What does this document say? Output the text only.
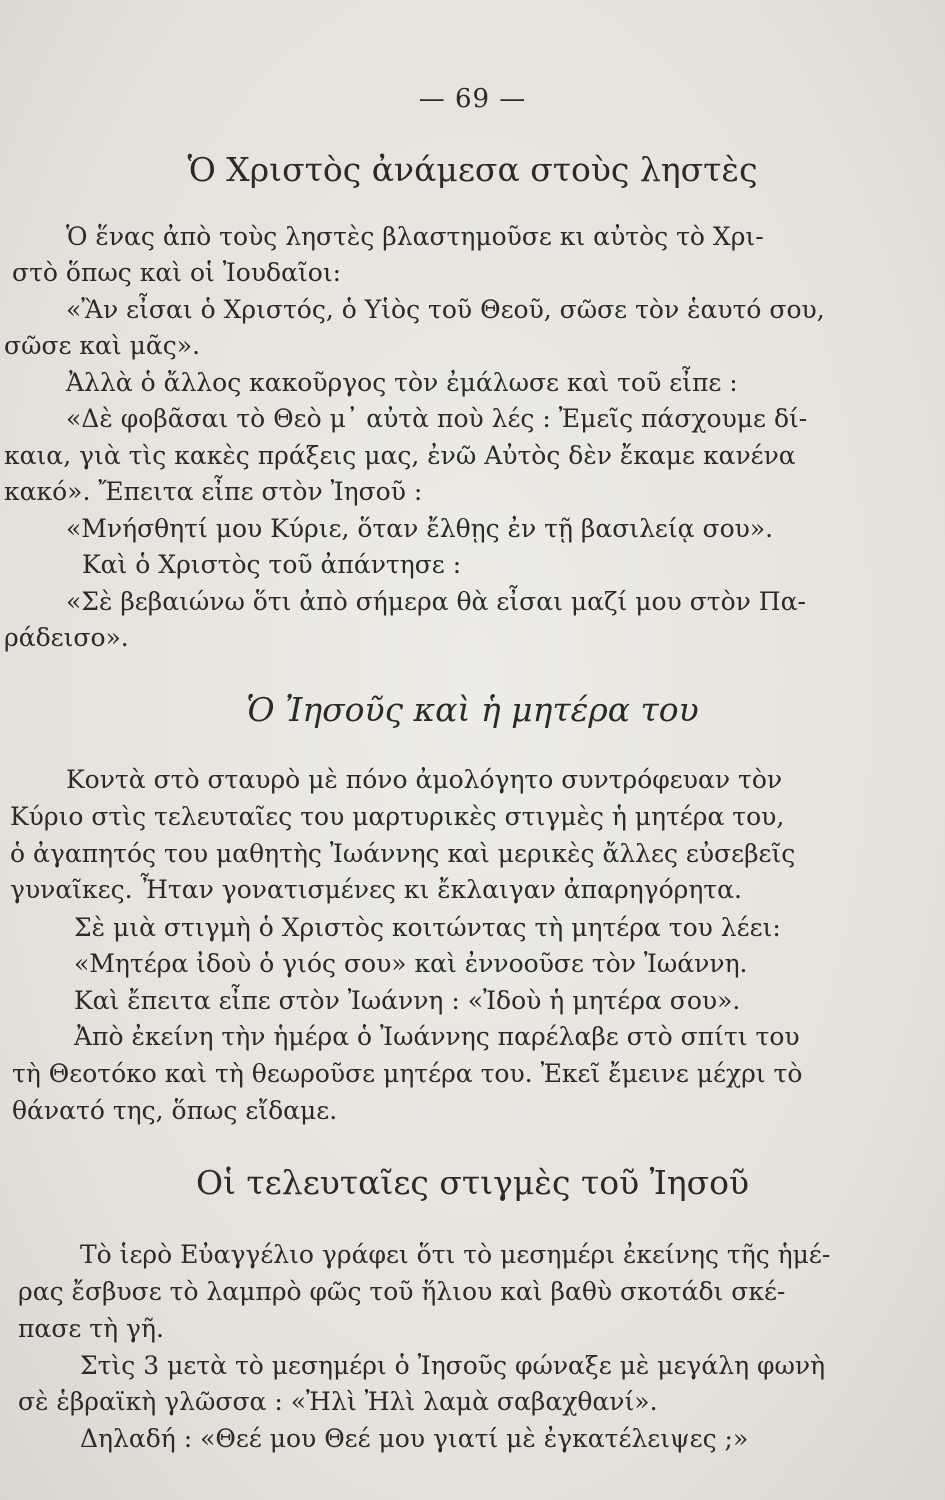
— 69 —
Ὁ Χριστὸς ἀνάμεσα στοὺς ληστὲς
Ὁ ἕνας ἀπὸ τοὺς ληστὲς βλαστημοῦσε κι αὐτὸς τὸ Χρι-
στὸ ὅπως καὶ οἱ Ἰουδαῖοι:
«Ἂν εἶσαι ὁ Χριστός, ὁ Υἱὸς τοῦ Θεοῦ, σῶσε τὸν ἑαυτό σου,
σῶσε καὶ μᾶς».
Ἀλλὰ ὁ ἄλλος κακοῦργος τὸν ἐμάλωσε καὶ τοῦ εἶπε :
«Δὲ φοβᾶσαι τὸ Θεὸ μ᾿ αὐτὰ ποὺ λές : Ἐμεῖς πάσχουμε δί-
καια, γιὰ τὶς κακὲς πράξεις μας, ἐνῶ Αὐτὸς δὲν ἔκαμε κανένα
κακό». Ἔπειτα εἶπε στὸν Ἰησοῦ :
«Μνήσθητί μου Κύριε, ὅταν ἔλθῃς ἐν τῇ βασιλείᾳ σου».
Καὶ ὁ Χριστὸς τοῦ ἀπάντησε :
«Σὲ βεβαιώνω ὅτι ἀπὸ σήμερα θὰ εἶσαι μαζί μου στὸν Πα-
ράδεισο».
Ὁ Ἰησοῦς καὶ ἡ μητέρα του
Κοντὰ στὸ σταυρὸ μὲ πόνο ἀμολόγητο συντρόφευαν τὸν
Κύριο στὶς τελευταῖες του μαρτυρικὲς στιγμὲς ἡ μητέρα του,
ὁ ἀγαπητός του μαθητὴς Ἰωάννης καὶ μερικὲς ἄλλες εὐσεβεῖς
γυναῖκες. Ἦταν γονατισμένες κι ἔκλαιγαν ἀπαρηγόρητα.
Σὲ μιὰ στιγμὴ ὁ Χριστὸς κοιτώντας τὴ μητέρα του λέει:
«Μητέρα ἰδοὺ ὁ γιός σου» καὶ ἐννοοῦσε τὸν Ἰωάννη.
Καὶ ἔπειτα εἶπε στὸν Ἰωάννη : «Ἰδοὺ ἡ μητέρα σου».
Ἀπὸ ἐκείνη τὴν ἡμέρα ὁ Ἰωάννης παρέλαβε στὸ σπίτι του
τὴ Θεοτόκο καὶ τὴ θεωροῦσε μητέρα του. Ἐκεῖ ἔμεινε μέχρι τὸ
θάνατό της, ὅπως εἴδαμε.
Οἱ τελευταῖες στιγμὲς τοῦ Ἰησοῦ
Τὸ ἱερὸ Εὐαγγέλιο γράφει ὅτι τὸ μεσημέρι ἐκείνης τῆς ἡμέ-
ρας ἔσβυσε τὸ λαμπρὸ φῶς τοῦ ἥλιου καὶ βαθὺ σκοτάδι σκέ-
πασε τὴ γῆ.
Στὶς 3 μετὰ τὸ μεσημέρι ὁ Ἰησοῦς φώναξε μὲ μεγάλη φωνὴ
σὲ ἑβραϊκὴ γλῶσσα : «Ἠλὶ Ἠλὶ λαμὰ σαβαχθανί».
Δηλαδή : «Θεέ μου Θεέ μου γιατί μὲ ἐγκατέλειψες ;»
